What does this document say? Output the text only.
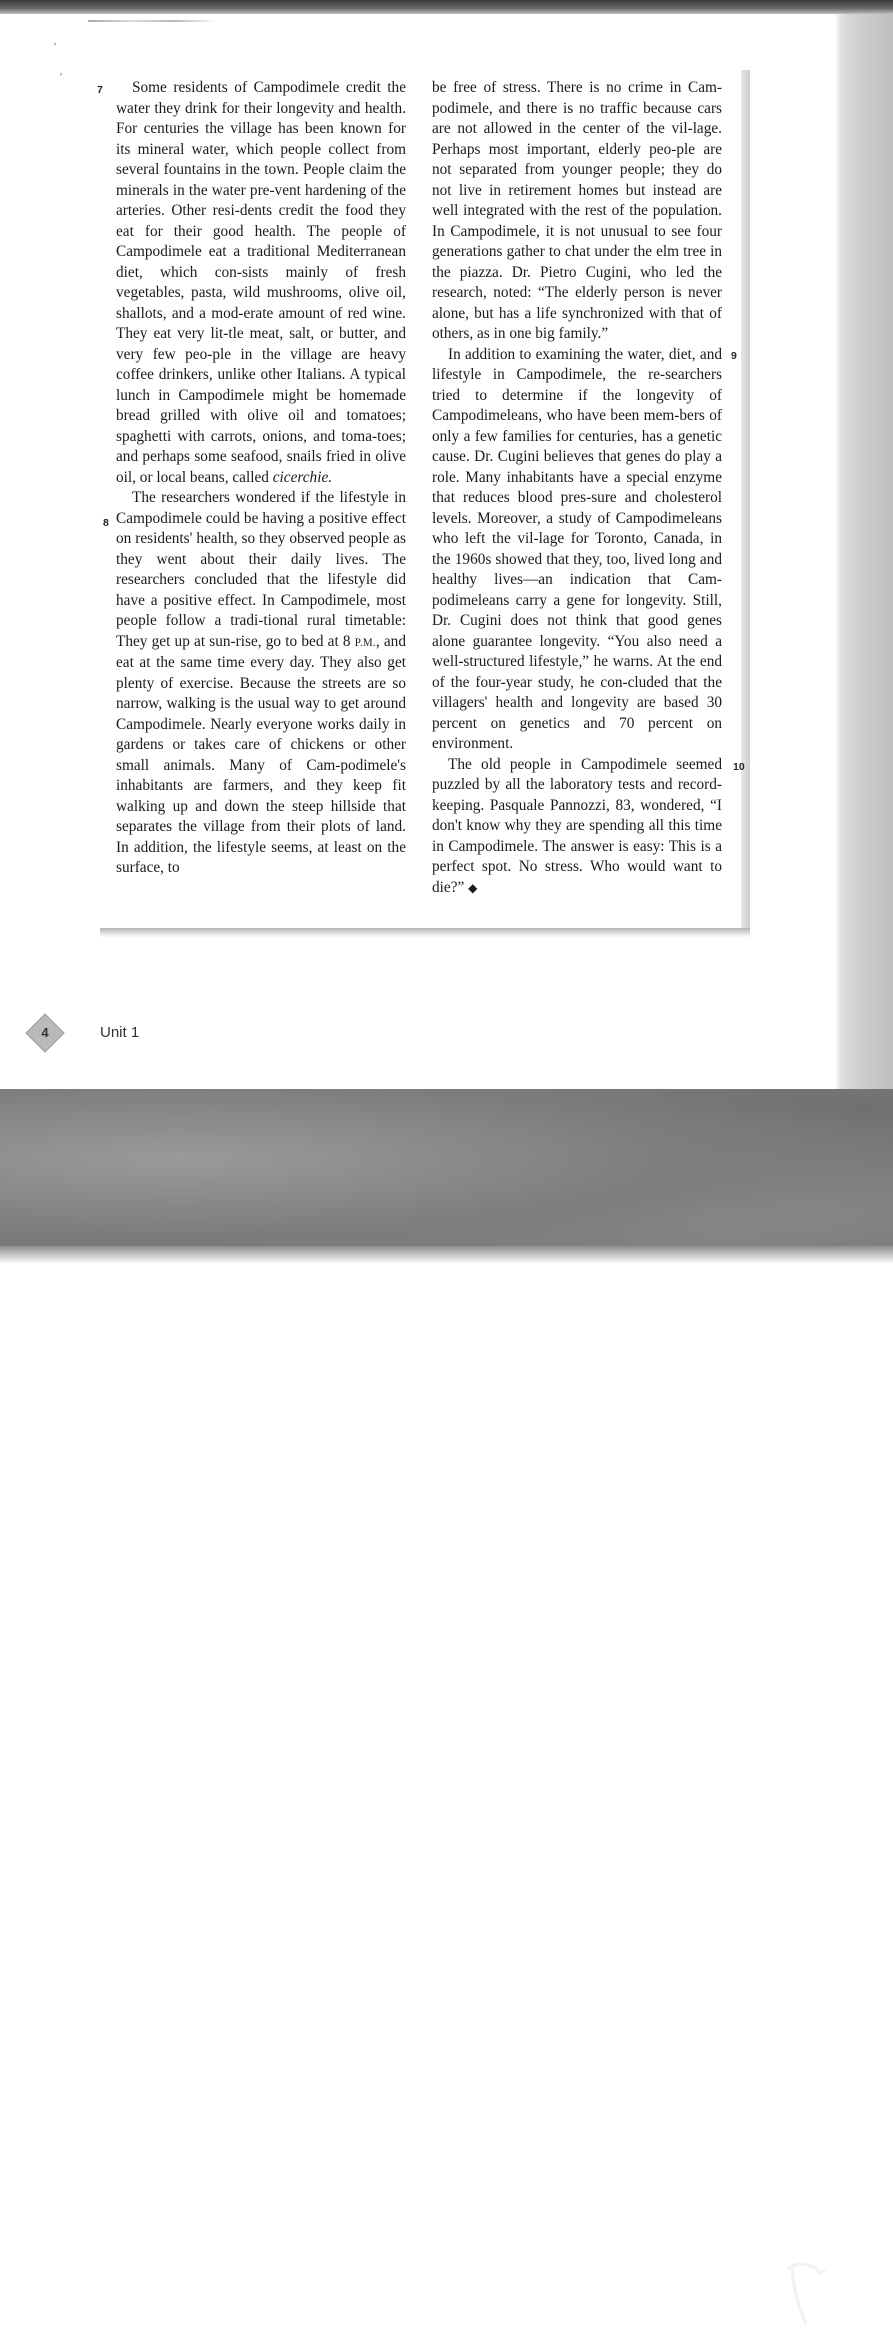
′
′
7
8
9
10

Some residents of Campodimele credit the water they drink for their longevity and health. For centuries the village has been known for its mineral water, which people collect from several fountains in the town. People claim the minerals in the water pre-vent hardening of the arteries. Other resi-dents credit the food they eat for their good health. The people of Campodimele eat a traditional Mediterranean diet, which con-sists mainly of fresh vegetables, pasta, wild mushrooms, olive oil, shallots, and a mod-erate amount of red wine. They eat very lit-tle meat, salt, or butter, and very few peo-ple in the village are heavy coffee drinkers, unlike other Italians. A typical lunch in Campodimele might be homemade bread grilled with olive oil and tomatoes; spaghetti with carrots, onions, and toma-toes; and perhaps some seafood, snails fried in olive oil, or local beans, called cicerchie.

The researchers wondered if the lifestyle in Campodimele could be having a positive effect on residents' health, so they observed people as they went about their daily lives. The researchers concluded that the lifestyle did have a positive effect. In Campodimele, most people follow a tradi-tional rural timetable: They get up at sun-rise, go to bed at 8 P.M., and eat at the same time every day. They also get plenty of exercise. Because the streets are so narrow, walking is the usual way to get around Campodimele. Nearly everyone works daily in gardens or takes care of chickens or other small animals. Many of Cam-podimele's inhabitants are farmers, and they keep fit walking up and down the steep hillside that separates the village from their plots of land. In addition, the lifestyle seems, at least on the surface, to

be free of stress. There is no crime in Cam-podimele, and there is no traffic because cars are not allowed in the center of the vil-lage. Perhaps most important, elderly peo-ple are not separated from younger people; they do not live in retirement homes but instead are well integrated with the rest of the population. In Campodimele, it is not unusual to see four generations gather to chat under the elm tree in the piazza. Dr. Pietro Cugini, who led the research, noted: “The elderly person is never alone, but has a life synchronized with that of others, as in one big family.”

In addition to examining the water, diet, and lifestyle in Campodimele, the re-searchers tried to determine if the longevity of Campodimeleans, who have been mem-bers of only a few families for centuries, has a genetic cause. Dr. Cugini believes that genes do play a role. Many inhabitants have a special enzyme that reduces blood pres-sure and cholesterol levels. Moreover, a study of Campodimeleans who left the vil-lage for Toronto, Canada, in the 1960s showed that they, too, lived long and healthy lives—an indication that Cam-podimeleans carry a gene for longevity. Still, Dr. Cugini does not think that good genes alone guarantee longevity. “You also need a well-structured lifestyle,” he warns. At the end of the four-year study, he con-cluded that the villagers' health and longevity are based 30 percent on genetics and 70 percent on environment.

The old people in Campodimele seemed puzzled by all the laboratory tests and record-keeping. Pasquale Pannozzi, 83, wondered, “I don't know why they are spending all this time in Campodimele. The answer is easy: This is a perfect spot. No stress. Who would want to die?” ◆

4	Unit 1
